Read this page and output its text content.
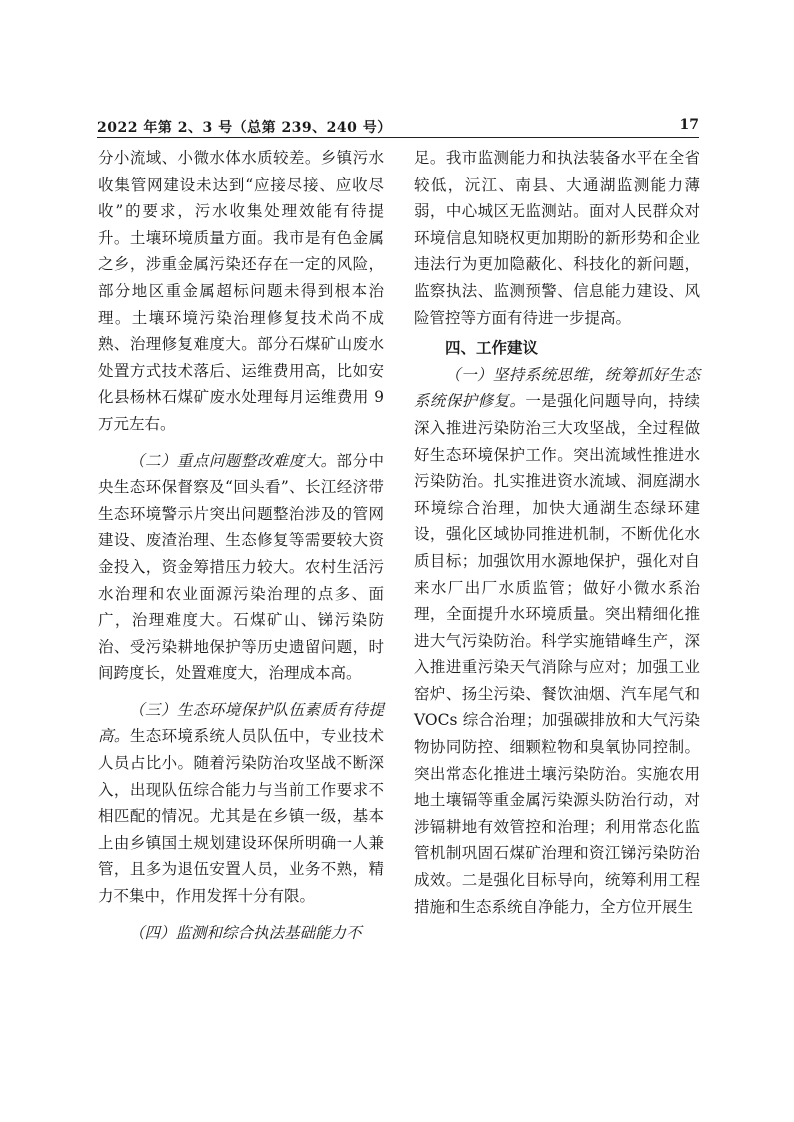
2022 年第 2、3 号（总第 239、240 号）	17

分小流域、小微水体水质较差。乡镇污水收集管网建设未达到“应接尽接、应收尽收”的要求，污水收集处理效能有待提升。土壤环境质量方面。我市是有色金属之乡，涉重金属污染还存在一定的风险，部分地区重金属超标问题未得到根本治理。土壤环境污染治理修复技术尚不成熟、治理修复难度大。部分石煤矿山废水处置方式技术落后、运维费用高，比如安化县杨林石煤矿废水处理每月运维费用 9 万元左右。

（二）重点问题整改难度大。部分中央生态环保督察及“回头看”、长江经济带生态环境警示片突出问题整治涉及的管网建设、废渣治理、生态修复等需要较大资金投入，资金筹措压力较大。农村生活污水治理和农业面源污染治理的点多、面广，治理难度大。石煤矿山、锑污染防治、受污染耕地保护等历史遗留问题，时间跨度长，处置难度大，治理成本高。

（三）生态环境保护队伍素质有待提高。生态环境系统人员队伍中，专业技术人员占比小。随着污染防治攻坚战不断深入，出现队伍综合能力与当前工作要求不相匹配的情况。尤其是在乡镇一级，基本上由乡镇国土规划建设环保所明确一人兼管，且多为退伍安置人员，业务不熟，精力不集中，作用发挥十分有限。

（四）监测和综合执法基础能力不

足。我市监测能力和执法装备水平在全省较低，沅江、南县、大通湖监测能力薄弱，中心城区无监测站。面对人民群众对环境信息知晓权更加期盼的新形势和企业违法行为更加隐蔽化、科技化的新问题，监察执法、监测预警、信息能力建设、风险管控等方面有待进一步提高。

四、工作建议

（一）坚持系统思维，统筹抓好生态系统保护修复。一是强化问题导向，持续深入推进污染防治三大攻坚战，全过程做好生态环境保护工作。突出流域性推进水污染防治。扎实推进资水流域、洞庭湖水环境综合治理，加快大通湖生态绿环建设，强化区域协同推进机制，不断优化水质目标；加强饮用水源地保护，强化对自来水厂出厂水质监管；做好小微水系治理，全面提升水环境质量。突出精细化推进大气污染防治。科学实施错峰生产，深入推进重污染天气消除与应对；加强工业窑炉、扬尘污染、餐饮油烟、汽车尾气和 VOCs 综合治理；加强碳排放和大气污染物协同防控、细颗粒物和臭氧协同控制。突出常态化推进土壤污染防治。实施农用地土壤镉等重金属污染源头防治行动，对涉镉耕地有效管控和治理；利用常态化监管机制巩固石煤矿治理和资江锑污染防治成效。二是强化目标导向，统筹利用工程措施和生态系统自净能力，全方位开展生
